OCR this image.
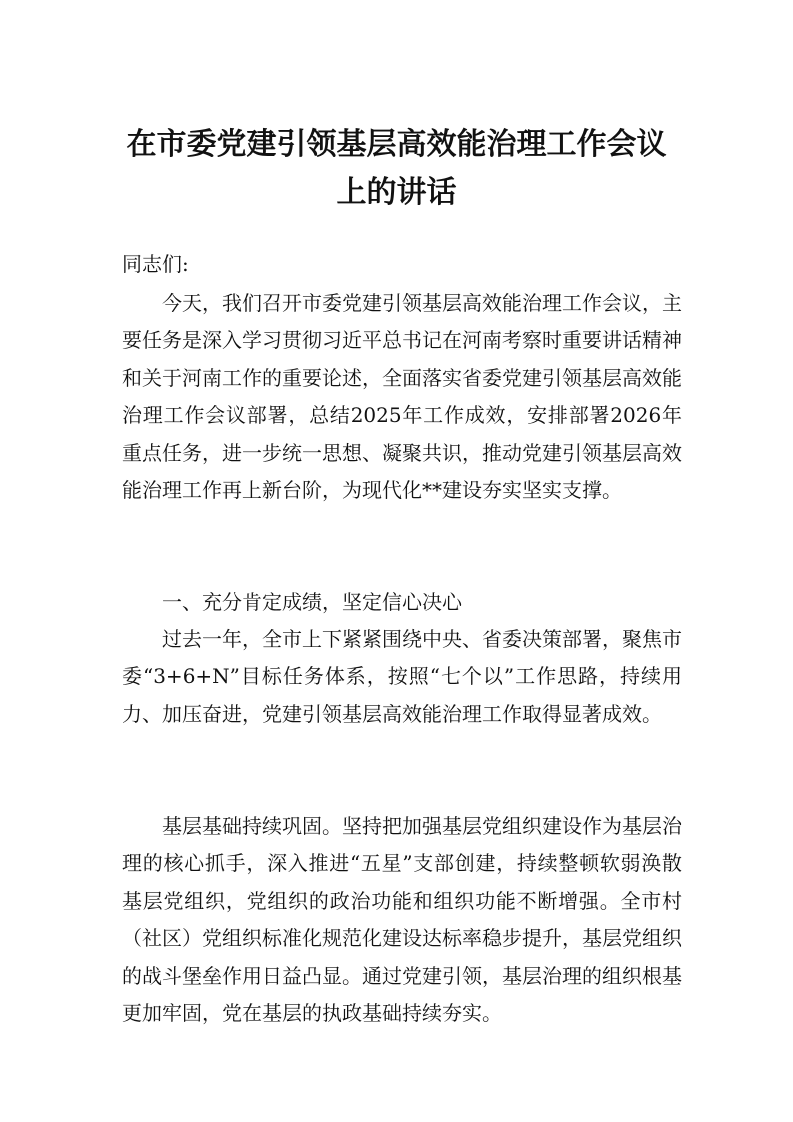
在市委党建引领基层高效能治理工作会议
上的讲话
同志们:

今天，我们召开市委党建引领基层高效能治理工作会议，主要任务是深入学习贯彻习近平总书记在河南考察时重要讲话精神和关于河南工作的重要论述，全面落实省委党建引领基层高效能治理工作会议部署，总结2025年工作成效，安排部署2026年重点任务，进一步统一思想、凝聚共识，推动党建引领基层高效能治理工作再上新台阶，为现代化**建设夯实坚实支撑。

一、充分肯定成绩，坚定信心决心

过去一年，全市上下紧紧围绕中央、省委决策部署，聚焦市委“3+6+N”目标任务体系，按照“七个以”工作思路，持续用力、加压奋进，党建引领基层高效能治理工作取得显著成效。

基层基础持续巩固。坚持把加强基层党组织建设作为基层治理的核心抓手，深入推进“五星”支部创建，持续整顿软弱涣散基层党组织，党组织的政治功能和组织功能不断增强。全市村（社区）党组织标准化规范化建设达标率稳步提升，基层党组织的战斗堡垒作用日益凸显。通过党建引领，基层治理的组织根基更加牢固，党在基层的执政基础持续夯实。
